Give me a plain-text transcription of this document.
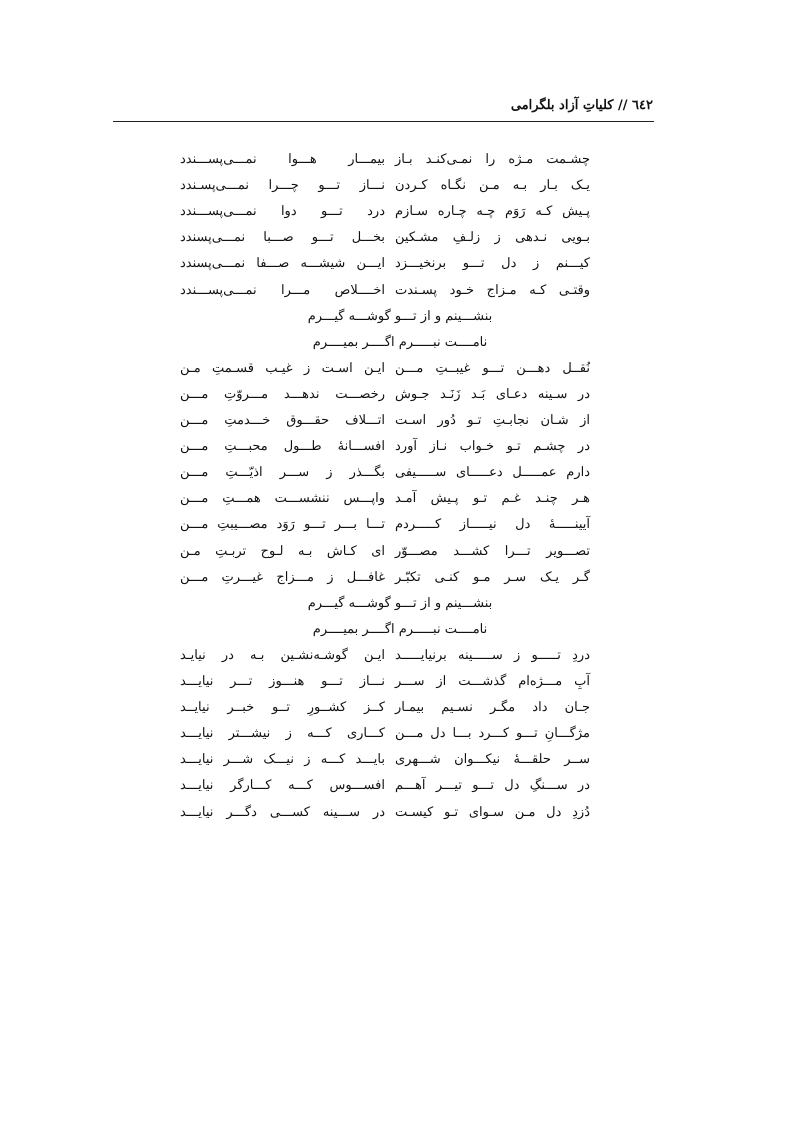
٦٤٢ // کلیاتِ آزاد بلگرامی
چشـمت مـژه را نمـی‌کنـد بـاز
بیمـــار هـــوا نمـــی‌پســـندد
یـک بـار بـه مـن نگـاه کـردن
نـــاز تـــو چـــرا نمـــی‌پسـندد
پـیش کـه رَوَم چـه چـاره سـازم
درد تـــو دوا نمـــی‌پســـندد
بـویی نـدهی ز زلـفِ مشـکین
بخـــل تـــو صـــبا نمـــی‌پسندد
کیـــنم ز دل تـــو برنخیـــزد
ایـــن شیشـــه صـــفا نمـــی‌پسندد
وقتـی کـه مـزاج خـود پسـندت
اخــــلاص مـــرا نمـــی‌پســـندد
بنشـــینم و از تـــو گوشـــه گیـــرم
نامــــت نبـــــرم اگــــر بمیــــرم
نُقــل دهـــن تـــو غیبــتِ مـــن
ایـن اسـت ز غیـب قسـمتِ مـن
در سـینه دعـای بَـد زَنَـد جـوش
رخصـــت ندهـــد مـــروّتِ مـــن
از شـان نجابـتِ تـو دُور اسـت
اتـــلاف حقـــوق خـــدمتِ مـــن
در چشـم تـو خـواب نـاز آورد
افســـانهٔ طـــول محبـــتِ مـــن
دارم عمـــــل دعـــــای ســـــیفی
بگـــذر ز ســـر اذیّـــتِ مـــن
هـر چنـد غـم تـو پـیش آمـد
واپـــس ننشســـت همـــتِ مـــن
آیینـــــهٔ دل نیـــــاز کـــــردم
تـــا بـــر تـــو رَوَد مصـــیبتِ مـــن
تصـــویر تـــرا کشـــد مصـــوّر
ای کـاش بـه لـوح تربـتِ مـن
گـر یـک سـر مـو کنـی تکبّـر
غافـــل ز مـــزاج غیـــرتِ مـــن
بنشـــینم و از تـــو گوشـــه گیـــرم
نامــــت نبـــــرم اگــــر بمیــــرم
دردِ تـــــو ز ســـــینه برنیایـــــد
ایـن گوشـه‌نشـین بـه در نیایـد
آبِ مـــژه‌ام گذشـــت از ســـر
نـــاز تـــو هنـــوز تـــر نیایـــد
جـان داد مگـر نسـیم بیمـار
کــز کشــورِ تــو خبــر نیایــد
مژگـــانِ تـــو کـــرد بـــا دل مـــن
کـــاری کـــه ز نیشـــتر نیایـــد
ســر حلقـــهٔ نیکـــوان شـــهری
بایـــد کـــه ز نیـــک شـــر نیایـــد
در ســـنگِ دل تـــو تیـــر آهـــم
افســـوس کـــه کـــارگر نیایـــد
دُزدِ دل مـن سـوای تـو کیسـت
در ســـینه کســـی دگـــر نیایـــد
